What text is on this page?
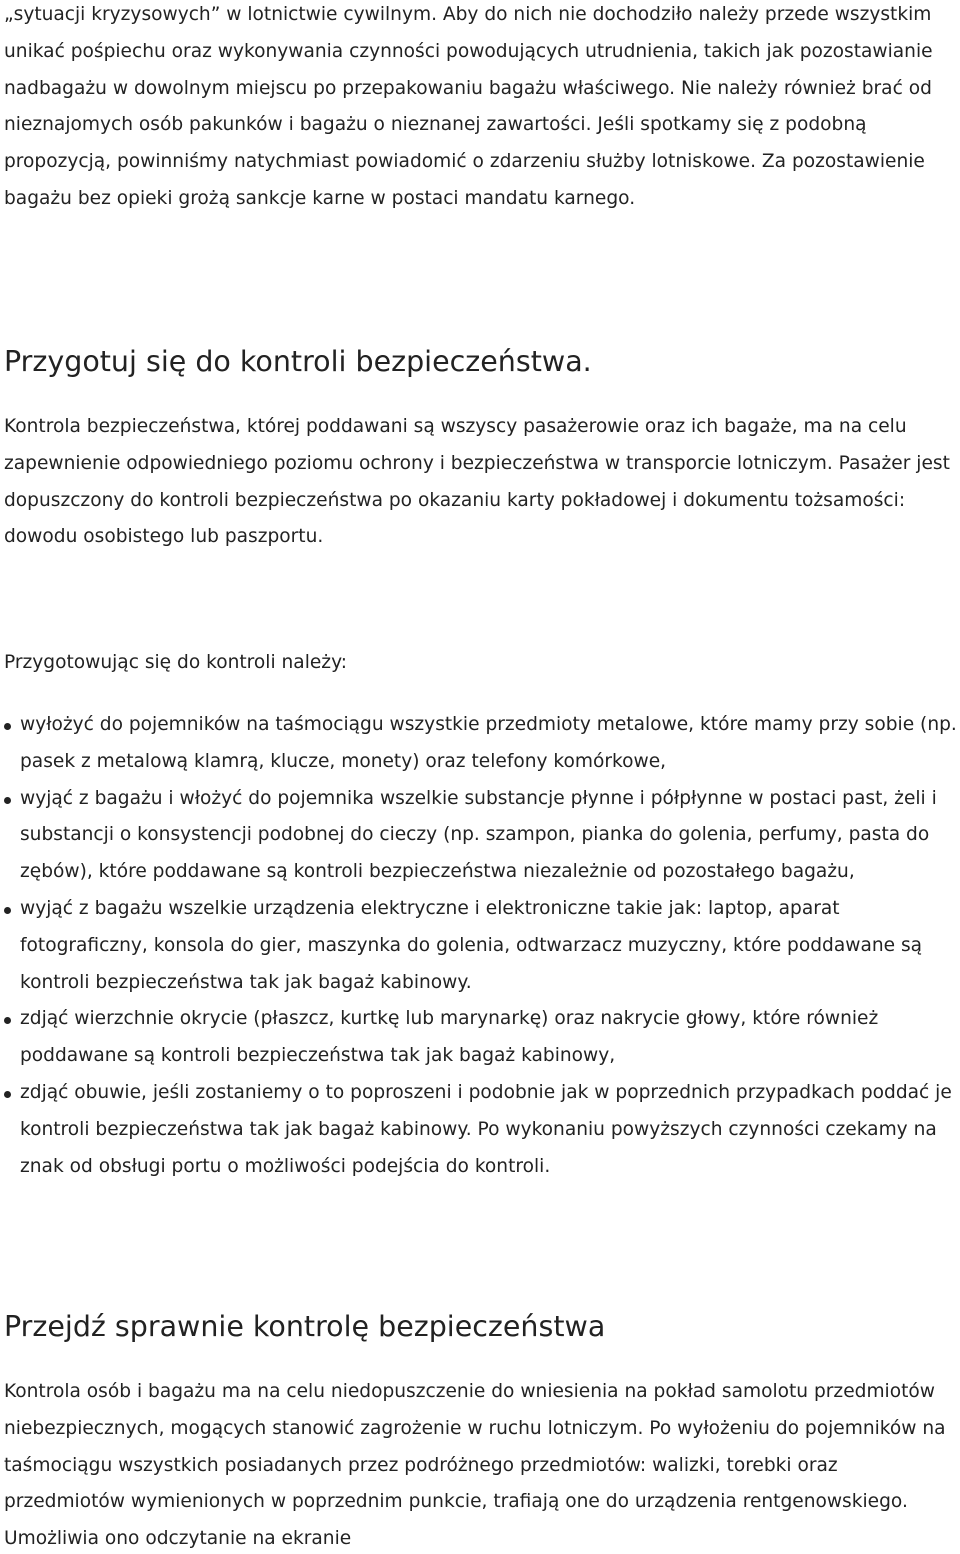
„sytuacji kryzysowych” w lotnictwie cywilnym. Aby do nich nie dochodziło należy przede wszystkim unikać pośpiechu oraz wykonywania czynności powodujących utrudnienia, takich jak pozostawianie nadbagażu w dowolnym miejscu po przepakowaniu bagażu właściwego. Nie należy również brać od nieznajomych osób pakunków i bagażu o nieznanej zawartości. Jeśli spotkamy się z podobną propozycją, powinniśmy natychmiast powiadomić o zdarzeniu służby lotniskowe. Za pozostawienie bagażu bez opieki grożą sankcje karne w postaci mandatu karnego.

Przygotuj się do kontroli bezpieczeństwa.

Kontrola bezpieczeństwa, której poddawani są wszyscy pasażerowie oraz ich bagaże, ma na celu zapewnienie odpowiedniego poziomu ochrony i bezpieczeństwa w transporcie lotniczym. Pasażer jest dopuszczony do kontroli bezpieczeństwa po okazaniu karty pokładowej i dokumentu tożsamości: dowodu osobistego lub paszportu.

Przygotowując się do kontroli należy:

wyłożyć do pojemników na taśmociągu wszystkie przedmioty metalowe, które mamy przy sobie (np. pasek z metalową klamrą, klucze, monety) oraz telefony komórkowe,
wyjąć z bagażu i włożyć do pojemnika wszelkie substancje płynne i półpłynne w postaci past, żeli i substancji o konsystencji podobnej do cieczy (np. szampon, pianka do golenia, perfumy, pasta do zębów), które poddawane są kontroli bezpieczeństwa niezależnie od pozostałego bagażu,
wyjąć z bagażu wszelkie urządzenia elektryczne i elektroniczne takie jak: laptop, aparat fotograficzny, konsola do gier, maszynka do golenia, odtwarzacz muzyczny, które poddawane są kontroli bezpieczeństwa tak jak bagaż kabinowy.
zdjąć wierzchnie okrycie (płaszcz, kurtkę lub marynarkę) oraz nakrycie głowy, które również poddawane są kontroli bezpieczeństwa tak jak bagaż kabinowy,
zdjąć obuwie, jeśli zostaniemy o to poproszeni i podobnie jak w poprzednich przypadkach poddać je kontroli bezpieczeństwa tak jak bagaż kabinowy. Po wykonaniu powyższych czynności czekamy na znak od obsługi portu o możliwości podejścia do kontroli.
Przejdź sprawnie kontrolę bezpieczeństwa

Kontrola osób i bagażu ma na celu niedopuszczenie do wniesienia na pokład samolotu przedmiotów niebezpiecznych, mogących stanowić zagrożenie w ruchu lotniczym. Po wyłożeniu do pojemników na taśmociągu wszystkich posiadanych przez podróżnego przedmiotów: walizki, torebki oraz przedmiotów wymienionych w poprzednim punkcie, trafiają one do urządzenia rentgenowskiego. Umożliwia ono odczytanie na ekranie
